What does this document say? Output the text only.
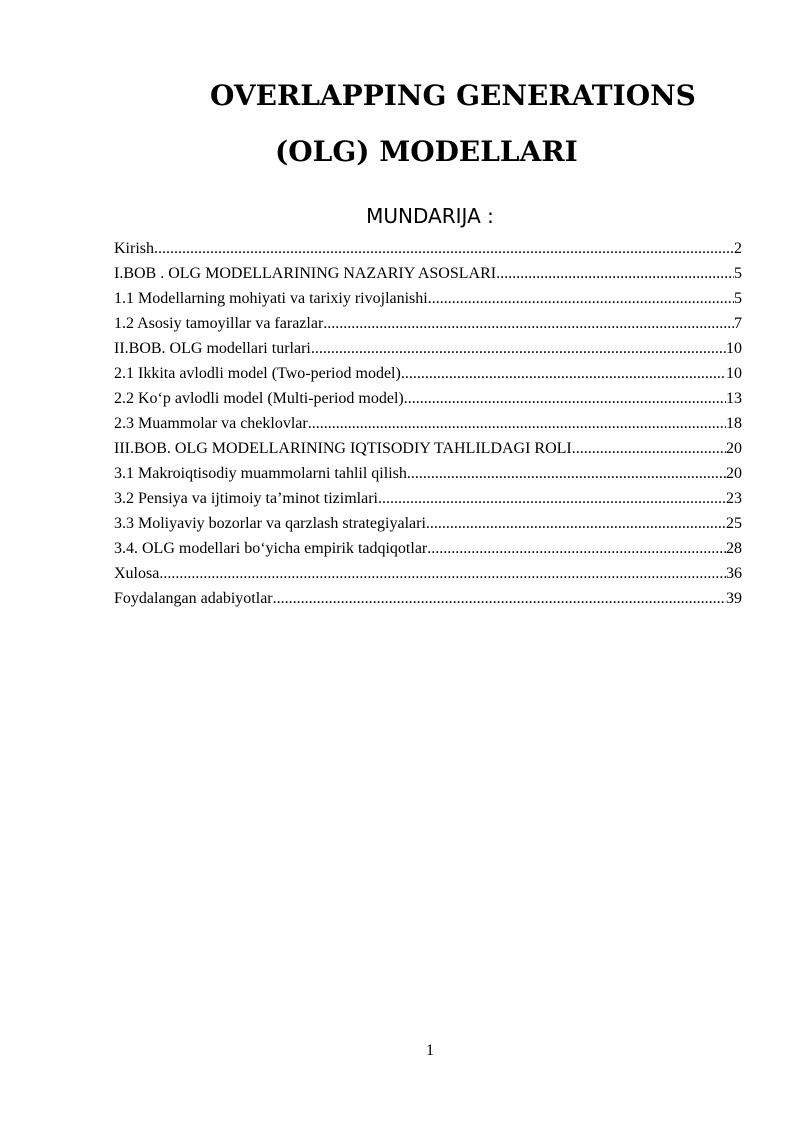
OVERLAPPING GENERATIONS
(OLG) MODELLARI
MUNDARIJA :
Kirish .....	2
I.BOB . OLG MODELLARINING NAZARIY ASOSLARI .....	5
1.1 Modellarning mohiyati va tarixiy rivojlanishi .....	5
1.2 Asosiy tamoyillar va farazlar .....	7
II.BOB. OLG modellari turlari .....	10
2.1 Ikkita avlodli model (Two-period model) .....	10
2.2 Koʻp avlodli model (Multi-period model) .....	13
2.3 Muammolar va cheklovlar .....	18
III.BOB. OLG MODELLARINING IQTISODIY TAHLILDAGI ROLI .....	20
3.1 Makroiqtisodiy muammolarni tahlil qilish .....	20
3.2 Pensiya va ijtimoiy taʼminot tizimlari .....	23
3.3 Moliyaviy bozorlar va qarzlash strategiyalari .....	25
3.4. OLG modellari boʻyicha empirik tadqiqotlar .....	28
Xulosa .....	36
Foydalangan adabiyotlar .....	39
1
